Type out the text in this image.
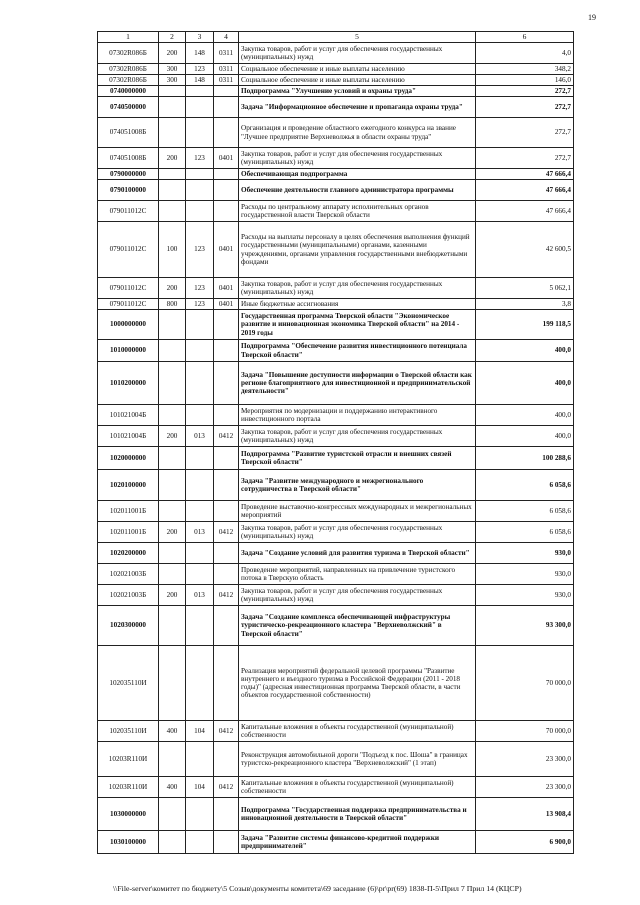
19
1	2	3	4	5	6
07302R086Б	200	148	0311	Закупка товаров, работ и услуг для обеспечения государственных (муниципальных) нужд	4,0
07302R086Б	300	123	0311	Социальное обеспечение и иные выплаты населению	348,2
07302R086Б	300	148	0311	Социальное обеспечение и иные выплаты населению	146,0
0740000000				Подпрограмма "Улучшение условий и охраны труда"	272,7
0740500000				Задача "Информационное обеспечение и пропаганда охраны труда"	272,7
074051008Б				Организация и проведение областного ежегодного конкурса на звание "Лучшее предприятие Верхневолжья в области охраны труда"	272,7
074051008Б	200	123	0401	Закупка товаров, работ и услуг для обеспечения государственных (муниципальных) нужд	272,7
0790000000				Обеспечивающая подпрограмма	47 666,4
0790100000				Обеспечение деятельности главного администратора программы	47 666,4
079011012С				Расходы по центральному аппарату исполнительных органов государственной власти Тверской области	47 666,4
079011012С	100	123	0401	Расходы на выплаты персоналу в целях обеспечения выполнения функций государственными (муниципальными) органами, казенными учреждениями, органами управления государственными внебюджетными фондами	42 600,5
079011012С	200	123	0401	Закупка товаров, работ и услуг для обеспечения государственных (муниципальных) нужд	5 062,1
079011012С	800	123	0401	Иные бюджетные ассигнования	3,8
1000000000				Государственная программа Тверской области "Экономическое развитие и инновационная экономика Тверской области" на 2014 - 2019 годы	199 118,5
1010000000				Подпрограмма "Обеспечение развития инвестиционного потенциала Тверской области"	400,0
1010200000				Задача "Повышение доступности информации о Тверской области как регионе благоприятного для инвестиционной и предпринимательской деятельности"	400,0
101021004Б				Мероприятия по модернизации и поддержанию интерактивного инвестиционного портала	400,0
101021004Б	200	013	0412	Закупка товаров, работ и услуг для обеспечения государственных (муниципальных) нужд	400,0
1020000000				Подпрограмма "Развитие туристской отрасли и внешних связей Тверской области"	100 288,6
1020100000				Задача "Развитие международного и межрегионального сотрудничества в Тверской области"	6 058,6
102011001Б				Проведение выставочно-конгрессных международных и межрегиональных мероприятий	6 058,6
102011001Б	200	013	0412	Закупка товаров, работ и услуг для обеспечения государственных (муниципальных) нужд	6 058,6
1020200000				Задача "Создание условий для развития туризма в Тверской области"	930,0
102021003Б				Проведение мероприятий, направленных на привлечение туристского потока в Тверскую область	930,0
102021003Б	200	013	0412	Закупка товаров, работ и услуг для обеспечения государственных (муниципальных) нужд	930,0
1020300000				Задача "Создание комплекса обеспечивающей инфраструктуры туристическо-рекреационного кластера "Верхневолжский" в Тверской области"	93 300,0
102035110И				Реализация мероприятий федеральной целевой программы "Развитие внутреннего и въездного туризма в Российской Федерации (2011 - 2018 годы)" (адресная инвестиционная программа Тверской области, в части объектов государственной собственности)	70 000,0
102035110И	400	104	0412	Капитальные вложения в объекты государственной (муниципальной) собственности	70 000,0
10203R110И				Реконструкция автомобильной дороги "Подъезд к пос. Шоша" в границах туристско-рекреационного кластера "Верхневолжский" (1 этап)	23 300,0
10203R110И	400	104	0412	Капитальные вложения в объекты государственной (муниципальной) собственности	23 300,0
1030000000				Подпрограмма "Государственная поддержка предпринимательства и инновационной деятельности в Тверской области"	13 908,4
1030100000				Задача "Развитие системы финансово-кредитной поддержки предпринимателей"	6 900,0
\\File-server\комитет по бюджету\5 Созыв\документы комитета\69 заседание (6)\pr\pr(69) 1838-П-5\Прил 7 Прил 14 (КЦСР)
